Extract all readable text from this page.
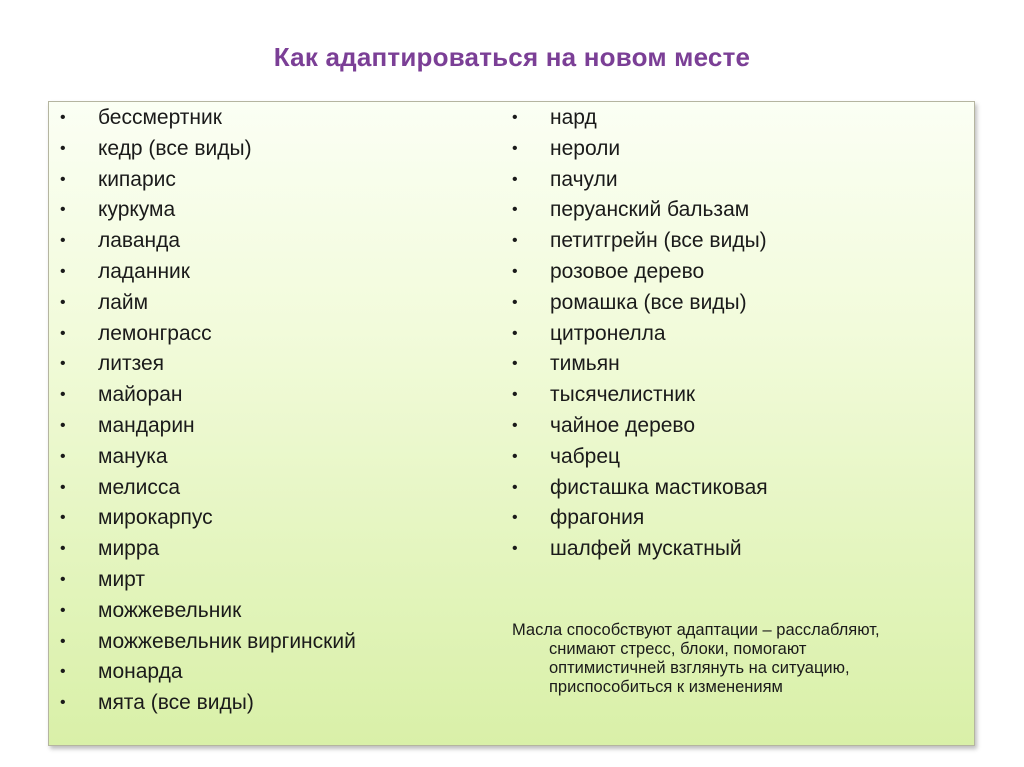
Как адаптироваться на новом месте
• бессмертник
• кедр (все виды)
• кипарис
• куркума
• лаванда
• ладанник
• лайм
• лемонграсс
• литзея
• майоран
• мандарин
• манука
• мелисса
• мирокарпус
• мирра
• мирт
• можжевельник
• можжевельник виргинский
• монарда
• мята (все виды)
• нард
• нероли
• пачули
• перуанский бальзам
• петитгрейн (все виды)
• розовое дерево
• ромашка (все виды)
• цитронелла
• тимьян
• тысячелистник
• чайное дерево
• чабрец
• фисташка мастиковая
• фрагония
• шалфей мускатный
Масла способствуют адаптации – расслабляют,
снимают стресс, блоки, помогают
оптимистичней взглянуть на ситуацию,
приспособиться к изменениям
